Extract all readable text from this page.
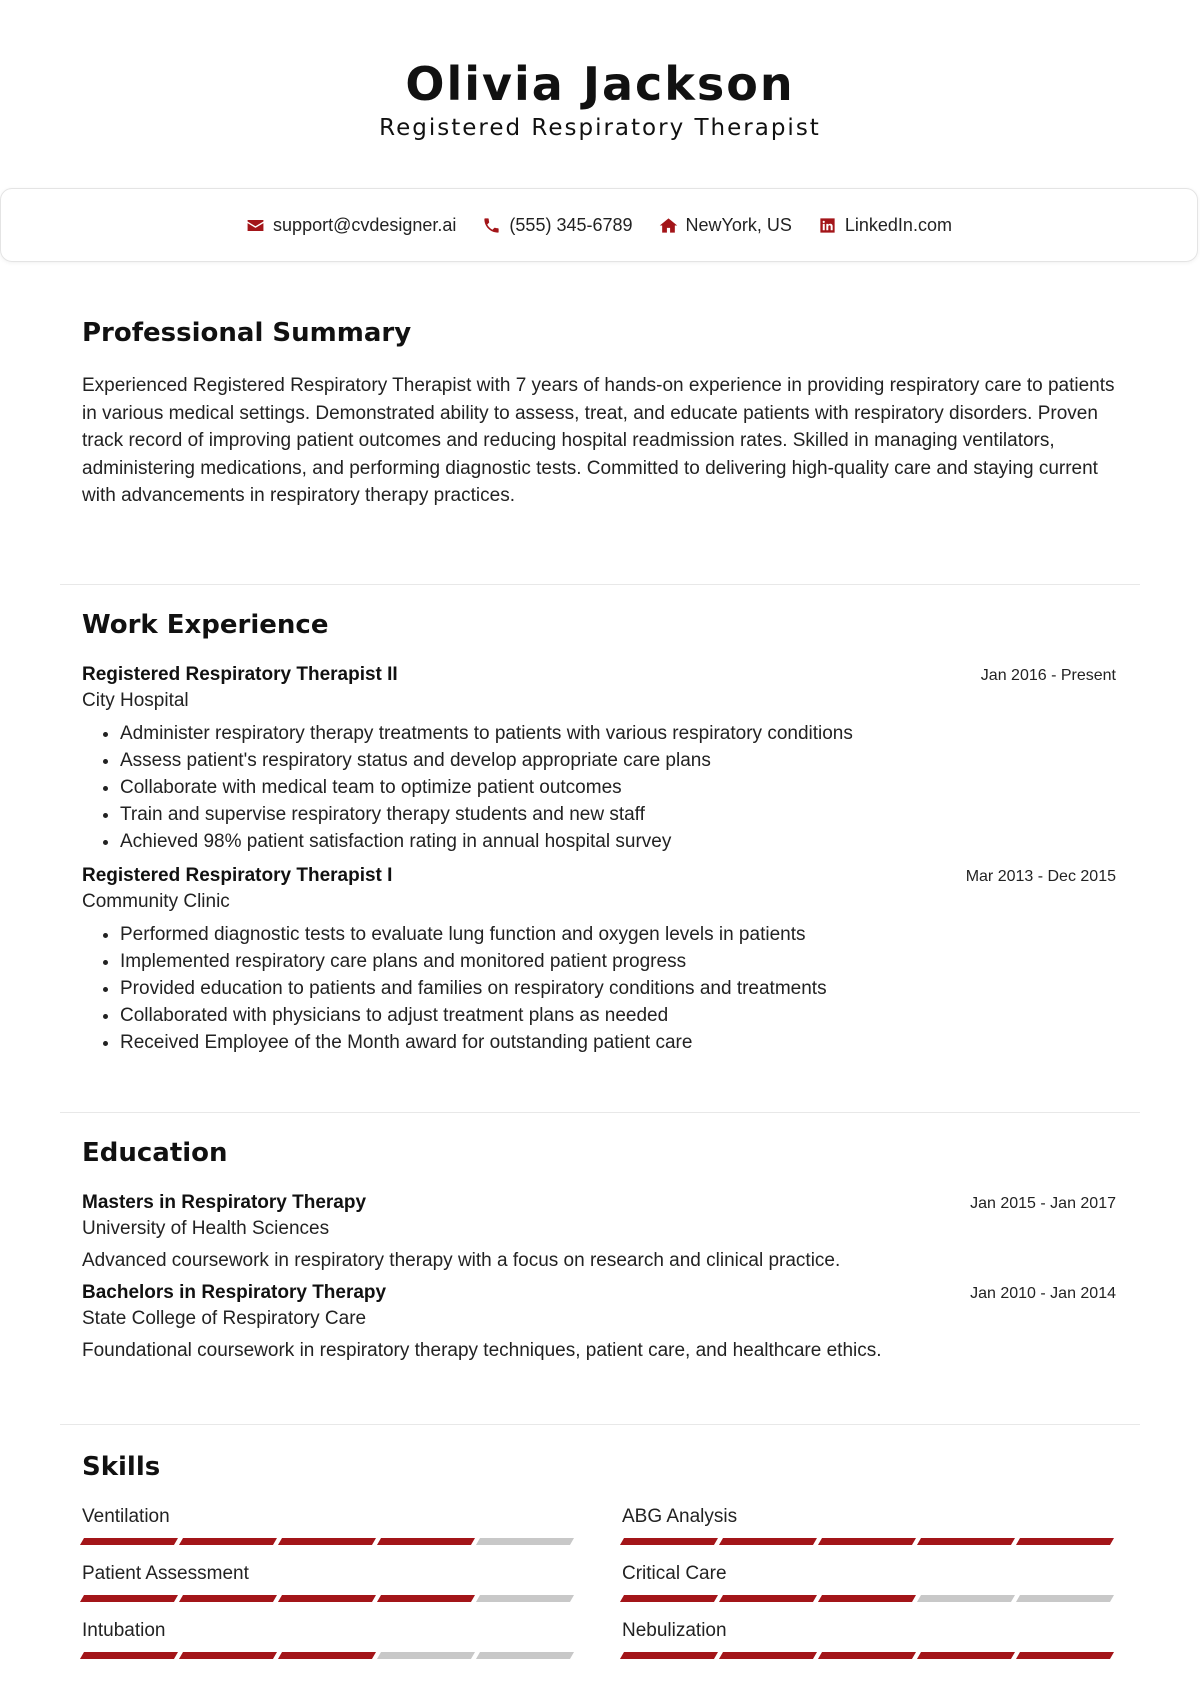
Olivia Jackson
Registered Respiratory Therapist
support@cvdesigner.ai	(555) 345-6789	NewYork, US	LinkedIn.com
Professional Summary
Experienced Registered Respiratory Therapist with 7 years of hands-on experience in providing respiratory care to patients in various medical settings. Demonstrated ability to assess, treat, and educate patients with respiratory disorders. Proven track record of improving patient outcomes and reducing hospital readmission rates. Skilled in managing ventilators, administering medications, and performing diagnostic tests. Committed to delivering high-quality care and staying current with advancements in respiratory therapy practices.
Work Experience
Registered Respiratory Therapist II	Jan 2016 - Present
City Hospital
• Administer respiratory therapy treatments to patients with various respiratory conditions
• Assess patient's respiratory status and develop appropriate care plans
• Collaborate with medical team to optimize patient outcomes
• Train and supervise respiratory therapy students and new staff
• Achieved 98% patient satisfaction rating in annual hospital survey
Registered Respiratory Therapist I	Mar 2013 - Dec 2015
Community Clinic
• Performed diagnostic tests to evaluate lung function and oxygen levels in patients
• Implemented respiratory care plans and monitored patient progress
• Provided education to patients and families on respiratory conditions and treatments
• Collaborated with physicians to adjust treatment plans as needed
• Received Employee of the Month award for outstanding patient care
Education
Masters in Respiratory Therapy	Jan 2015 - Jan 2017
University of Health Sciences
Advanced coursework in respiratory therapy with a focus on research and clinical practice.
Bachelors in Respiratory Therapy	Jan 2010 - Jan 2014
State College of Respiratory Care
Foundational coursework in respiratory therapy techniques, patient care, and healthcare ethics.
Skills
Ventilation	ABG Analysis
Patient Assessment	Critical Care
Intubation	Nebulization
